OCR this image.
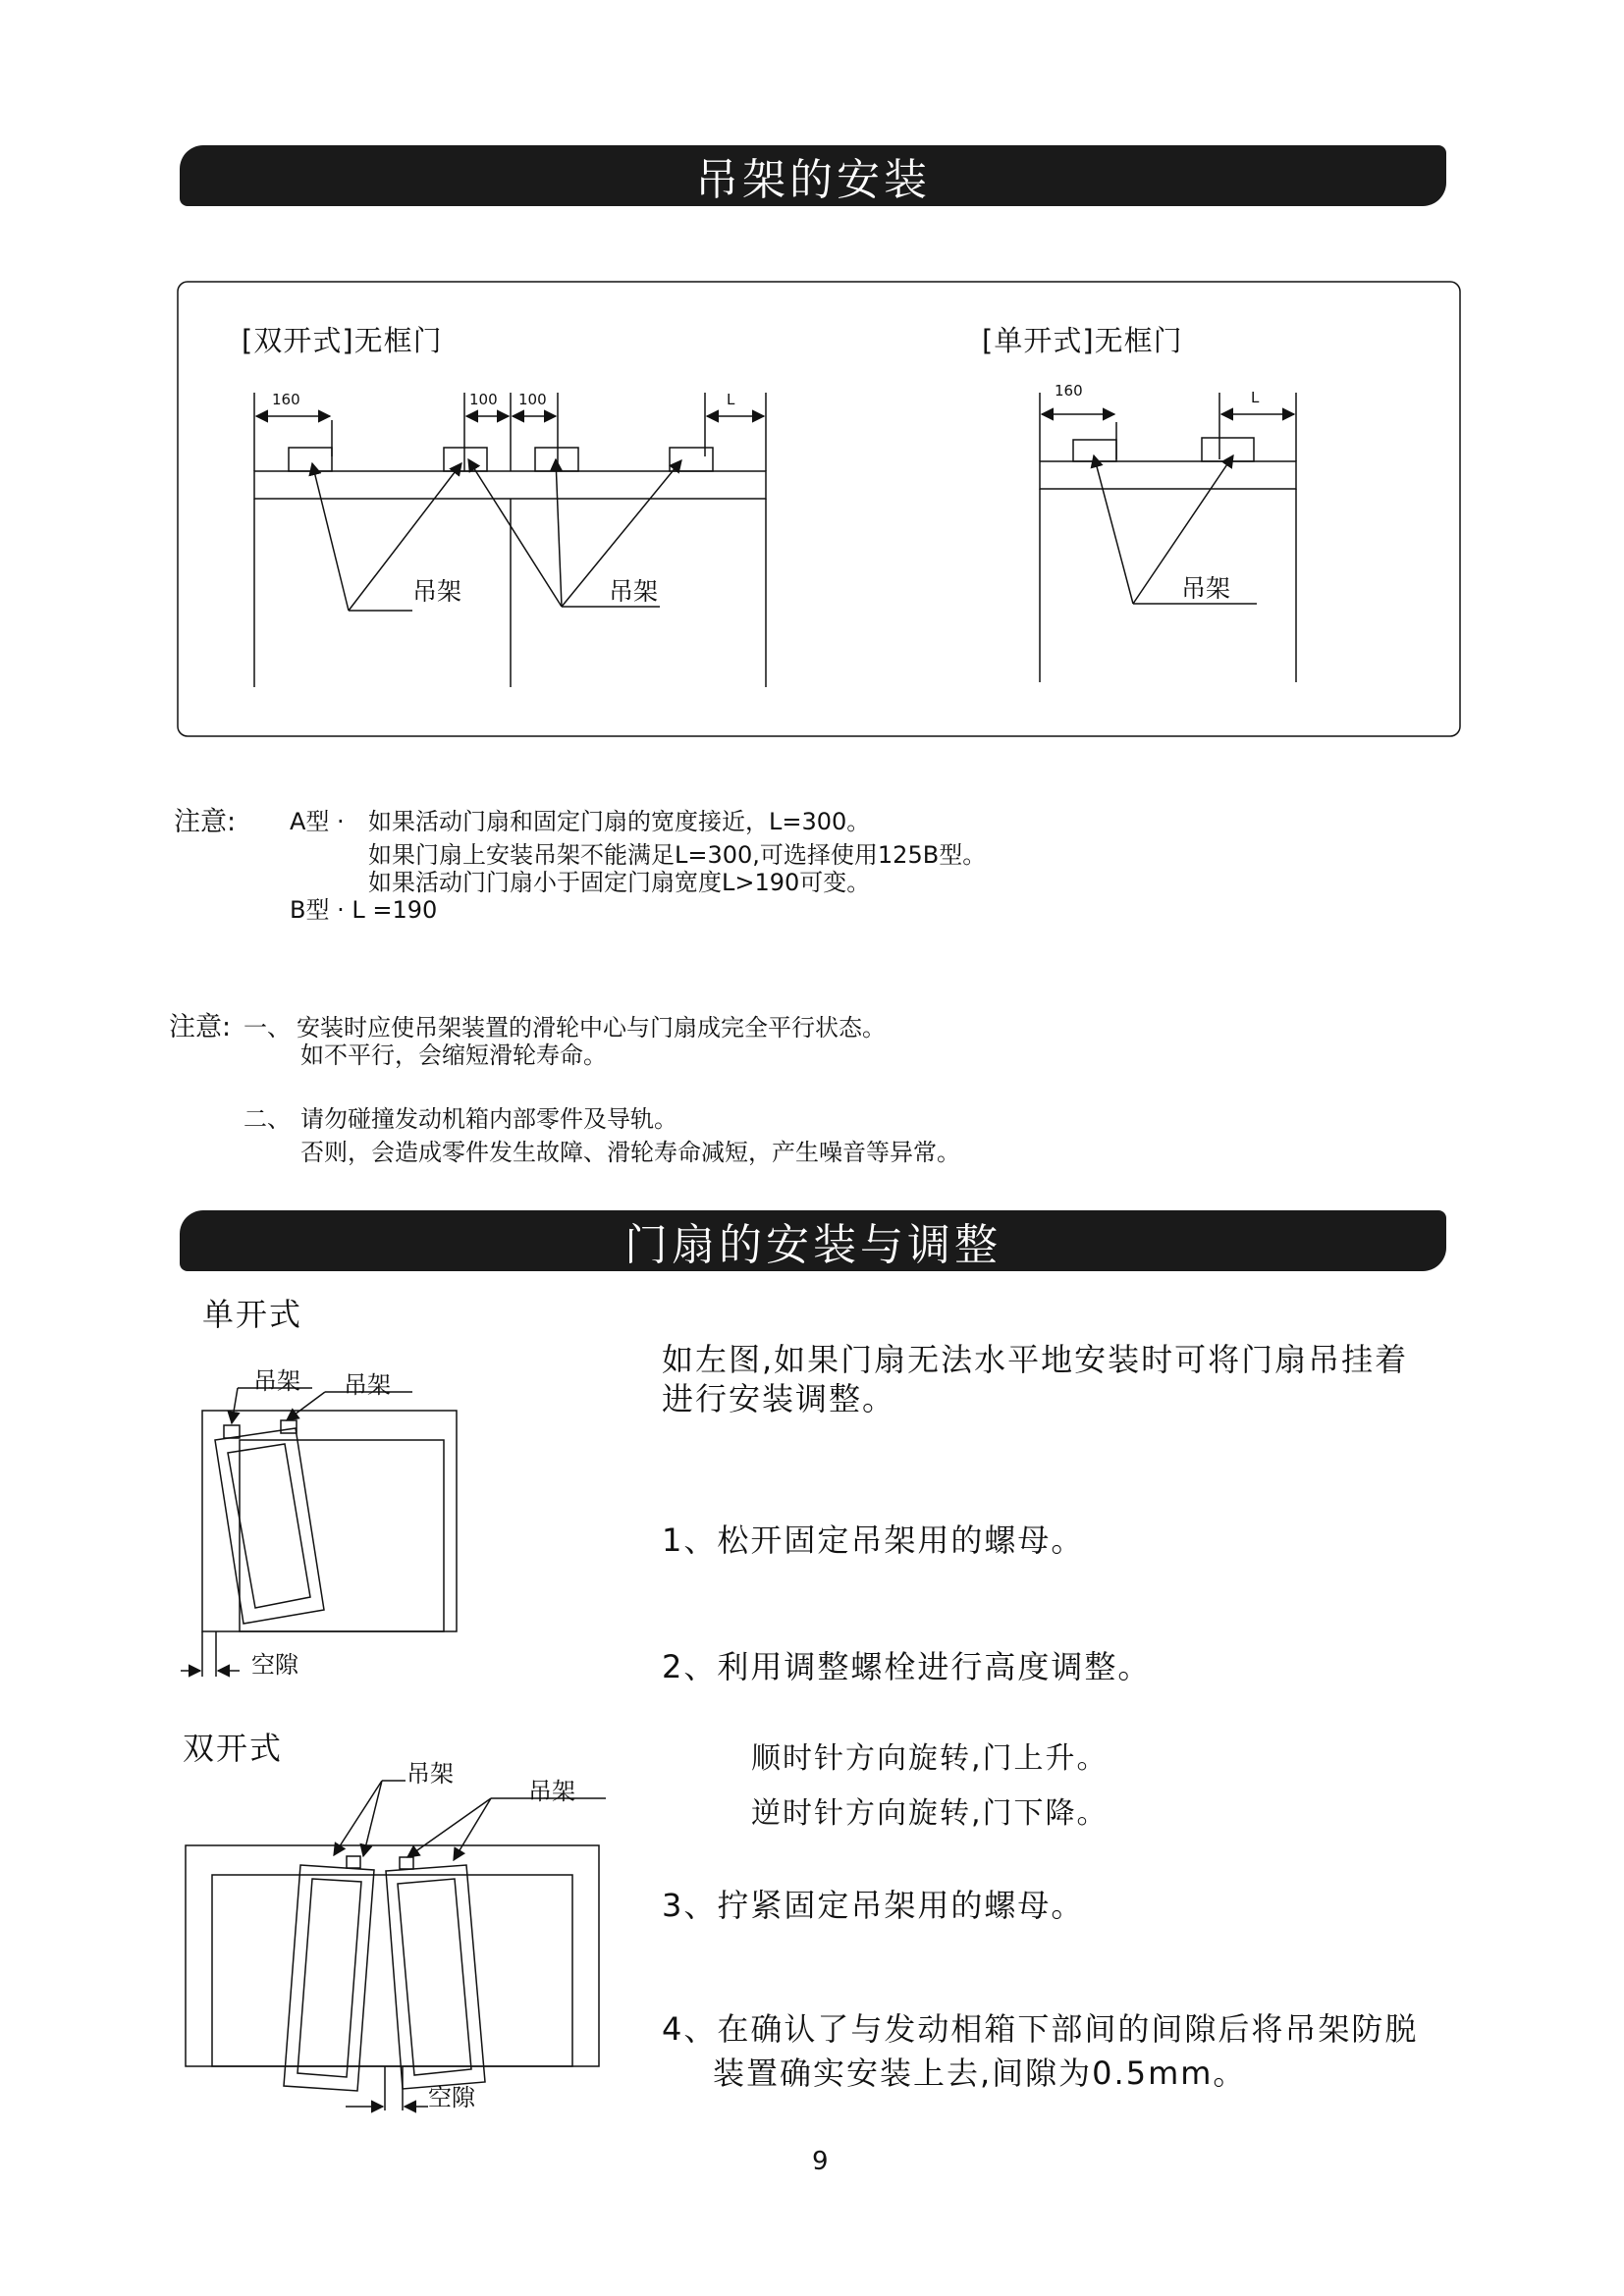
吊架的安装
[双开式]无框门	[单开式]无框门
160	100 100	L	160	L
吊架	吊架	吊架
注意: A型 · 如果活动门扇和固定门扇的宽度接近，L=300。
如果门扇上安装吊架不能满足L=300,可选择使用125B型。
如果活动门门扇小于固定门扇宽度L>190可变。
B型 · L =190
注意: 一、 安装时应使吊架装置的滑轮中心与门扇成完全平行状态。
如不平行，会缩短滑轮寿命。
二、 请勿碰撞发动机箱内部零件及导轨。
否则，会造成零件发生故障、滑轮寿命减短，产生噪音等异常。
门扇的安装与调整
单开式
吊架 吊架
空隙
双开式
吊架
吊架
空隙
如左图,如果门扇无法水平地安装时可将门扇吊挂着
进行安装调整。
1、松开固定吊架用的螺母。
2、利用调整螺栓进行高度调整。
顺时针方向旋转,门上升。
逆时针方向旋转,门下降。
3、拧紧固定吊架用的螺母。
4、在确认了与发动相箱下部间的间隙后将吊架防脱
装置确实安装上去,间隙为0.5mm。
9
